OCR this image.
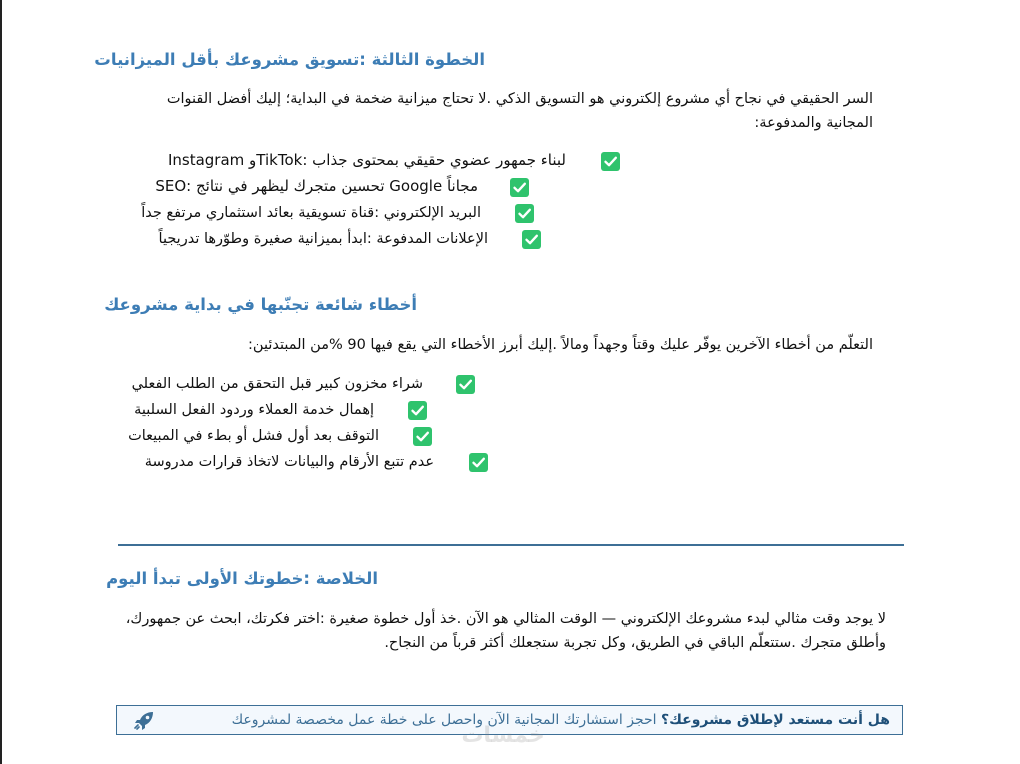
الخطوة الثالثة :تسويق مشروعك بأقل الميزانيات
السر الحقيقي في نجاح أي مشروع إلكتروني هو التسويق الذكي .لا تحتاج ميزانية ضخمة في البداية؛ إليك أفضل القنوات المجانية والمدفوعة:
لبناء جمهور عضوي حقيقي بمحتوى جذاب :TikTokو Instagram
مجاناً Google تحسين متجرك ليظهر في نتائج :SEO
البريد الإلكتروني :قناة تسويقية بعائد استثماري مرتفع جداً
الإعلانات المدفوعة :ابدأ بميزانية صغيرة وطوّرها تدريجياً
أخطاء شائعة تجنّبها في بداية مشروعك
التعلّم من أخطاء الآخرين يوفّر عليك وقتاً وجهداً ومالاً .إليك أبرز الأخطاء التي يقع فيها 90 %من المبتدئين:
شراء مخزون كبير قبل التحقق من الطلب الفعلي
إهمال خدمة العملاء وردود الفعل السلبية
التوقف بعد أول فشل أو بطء في المبيعات
عدم تتبع الأرقام والبيانات لاتخاذ قرارات مدروسة
الخلاصة :خطوتك الأولى تبدأ اليوم
لا يوجد وقت مثالي لبدء مشروعك الإلكتروني — الوقت المثالي هو الآن .خذ أول خطوة صغيرة :اختر فكرتك، ابحث عن جمهورك، وأطلق متجرك .ستتعلّم الباقي في الطريق، وكل تجربة ستجعلك أكثر قرباً من النجاح.
هل أنت مستعد لإطلاق مشروعك؟ احجز استشارتك المجانية الآن واحصل على خطة عمل مخصصة لمشروعك
خمسات
